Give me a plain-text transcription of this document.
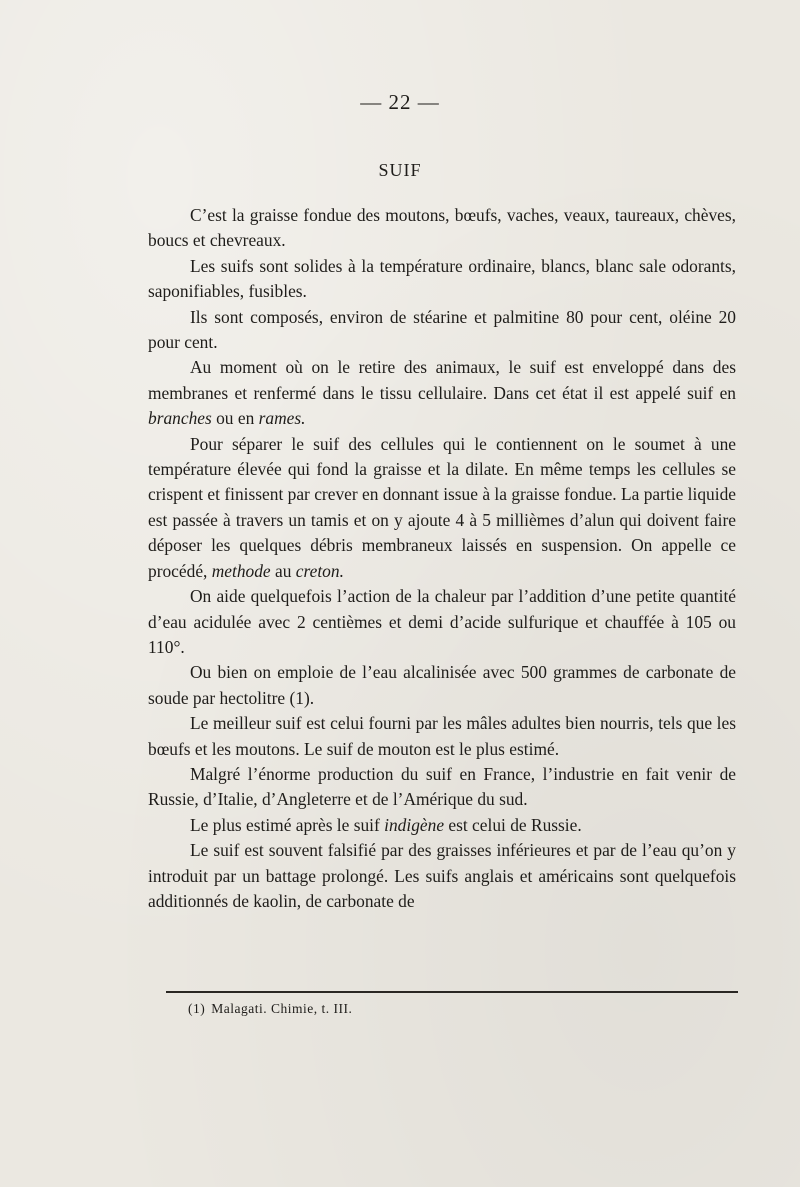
— 22 —
SUIF

C’est la graisse fondue des moutons, bœufs, vaches, veaux, taureaux, chèves, boucs et chevreaux.

Les suifs sont solides à la température ordinaire, blancs, blanc sale odorants, saponifiables, fusibles.

Ils sont composés, environ de stéarine et palmitine 80 pour cent, oléine 20 pour cent.

Au moment où on le retire des animaux, le suif est enveloppé dans des membranes et renfermé dans le tissu cellulaire. Dans cet état il est appelé suif en branches ou en rames.

Pour séparer le suif des cellules qui le contiennent on le soumet à une température élevée qui fond la graisse et la dilate. En même temps les cellules se crispent et finissent par crever en donnant issue à la graisse fondue. La partie liquide est passée à travers un tamis et on y ajoute 4 à 5 millièmes d’alun qui doivent faire déposer les quelques débris membraneux laissés en suspension. On appelle ce procédé, methode au creton.

On aide quelquefois l’action de la chaleur par l’addition d’une petite quantité d’eau acidulée avec 2 centièmes et demi d’acide sulfurique et chauffée à 105 ou 110°.

Ou bien on emploie de l’eau alcalinisée avec 500 grammes de carbonate de soude par hectolitre (1).

Le meilleur suif est celui fourni par les mâles adultes bien nourris, tels que les bœufs et les moutons. Le suif de mouton est le plus estimé.

Malgré l’énorme production du suif en France, l’industrie en fait venir de Russie, d’Italie, d’Angleterre et de l’Amérique du sud.

Le plus estimé après le suif indigène est celui de Russie.

Le suif est souvent falsifié par des graisses inférieures et par de l’eau qu’on y introduit par un battage prolongé. Les suifs anglais et américains sont quelquefois additionnés de kaolin, de carbonate de

(1) Malagati. Chimie, t. III.
